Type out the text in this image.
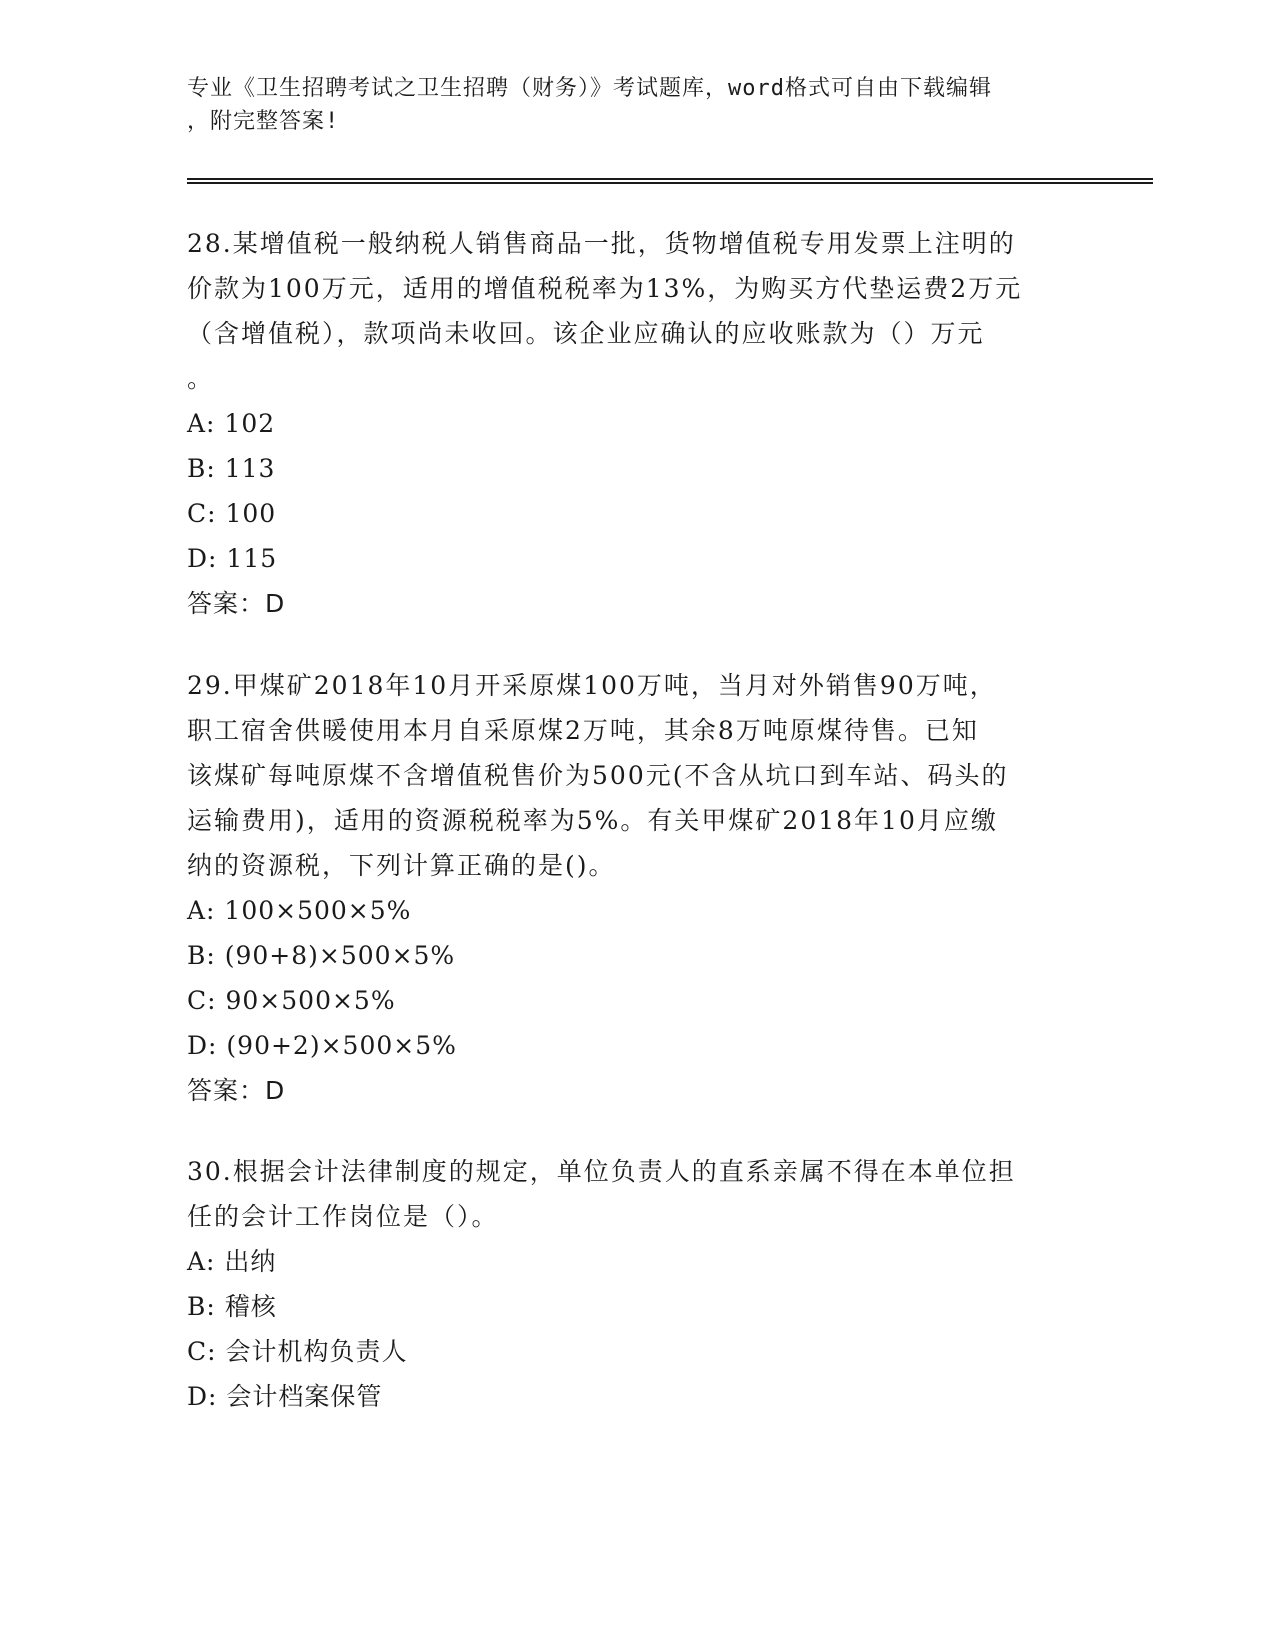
专业《卫生招聘考试之卫生招聘（财务）》考试题库，word格式可自由下载编辑
，附完整答案!
28.某增值税一般纳税人销售商品一批，货物增值税专用发票上注明的
价款为100万元，适用的增值税税率为13%，为购买方代垫运费2万元
（含增值税），款项尚未收回。该企业应确认的应收账款为（）万元
。
A: 102
B: 113
C: 100
D: 115
答案：D
29.甲煤矿2018年10月开采原煤100万吨，当月对外销售90万吨，
职工宿舍供暖使用本月自采原煤2万吨，其余8万吨原煤待售。已知
该煤矿每吨原煤不含增值税售价为500元(不含从坑口到车站、码头的
运输费用)，适用的资源税税率为5%。有关甲煤矿2018年10月应缴
纳的资源税，下列计算正确的是()。
A: 100×500×5%
B: (90+8)×500×5%
C: 90×500×5%
D: (90+2)×500×5%
答案：D
30.根据会计法律制度的规定，单位负责人的直系亲属不得在本单位担
任的会计工作岗位是（）。
A: 出纳
B: 稽核
C: 会计机构负责人
D: 会计档案保管
